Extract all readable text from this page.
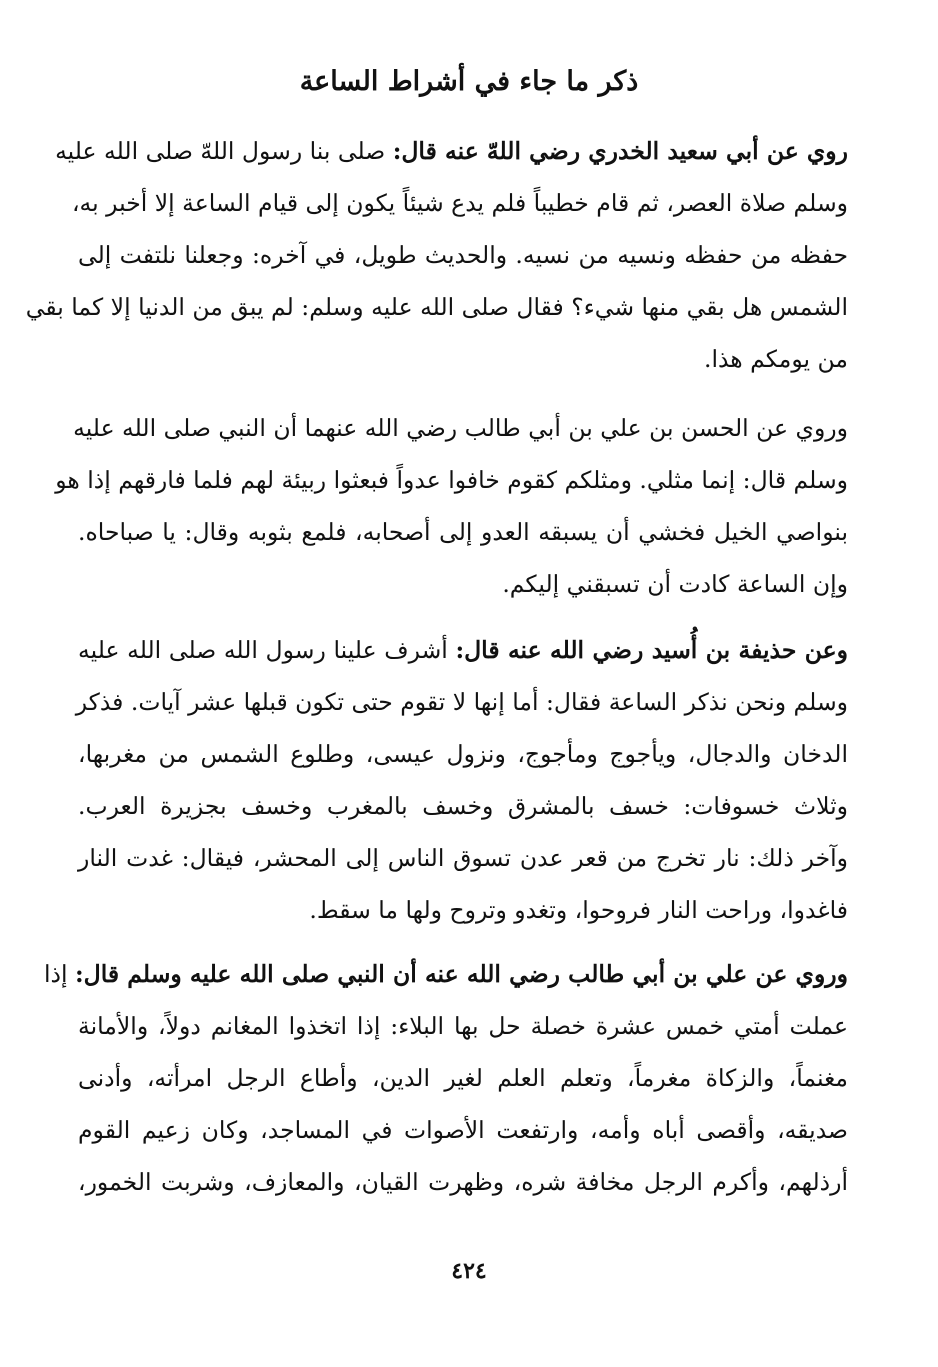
ذكر ما جاء في أشراط الساعة
روي عن أبي سعيد الخدري رضي اللهّ عنه قال: صلى بنا رسول اللهّ صلى الله عليه
وسلم صلاة العصر، ثم قام خطيباً فلم يدع شيئاً يكون إلى قيام الساعة إلا أخبر به،
حفظه من حفظه ونسيه من نسيه. والحديث طويل، في آخره: وجعلنا نلتفت إلى
الشمس هل بقي منها شيء؟ فقال صلى الله عليه وسلم: لم يبق من الدنيا إلا كما بقي
من يومكم هذا.
وروي عن الحسن بن علي بن أبي طالب رضي الله عنهما أن النبي صلى الله عليه
وسلم قال: إنما مثلي. ومثلكم كقوم خافوا عدواً فبعثوا ربيئة لهم فلما فارقهم إذا هو
بنواصي الخيل فخشي أن يسبقه العدو إلى أصحابه، فلمع بثوبه وقال: يا صباحاه.
وإن الساعة كادت أن تسبقني إليكم.
وعن حذيفة بن أُسيد رضي الله عنه قال: أشرف علينا رسول الله صلى الله عليه
وسلم ونحن نذكر الساعة فقال: أما إنها لا تقوم حتى تكون قبلها عشر آيات. فذكر
الدخان والدجال، ويأجوج ومأجوج، ونزول عيسى، وطلوع الشمس من مغربها،
وثلاث خسوفات: خسف بالمشرق وخسف بالمغرب وخسف بجزيرة العرب.
وآخر ذلك: نار تخرج من قعر عدن تسوق الناس إلى المحشر، فيقال: غدت النار
فاغدوا، وراحت النار فروحوا، وتغدو وتروح ولها ما سقط.
وروي عن علي بن أبي طالب رضي الله عنه أن النبي صلى الله عليه وسلم قال: إذا
عملت أمتي خمس عشرة خصلة حل بها البلاء: إذا اتخذوا المغانم دولاً، والأمانة
مغنماً، والزكاة مغرماً، وتعلم العلم لغير الدين، وأطاع الرجل امرأته، وأدنى
صديقه، وأقصى أباه وأمه، وارتفعت الأصوات في المساجد، وكان زعيم القوم
أرذلهم، وأكرم الرجل مخافة شره، وظهرت القيان، والمعازف، وشربت الخمور،
٤٢٤
